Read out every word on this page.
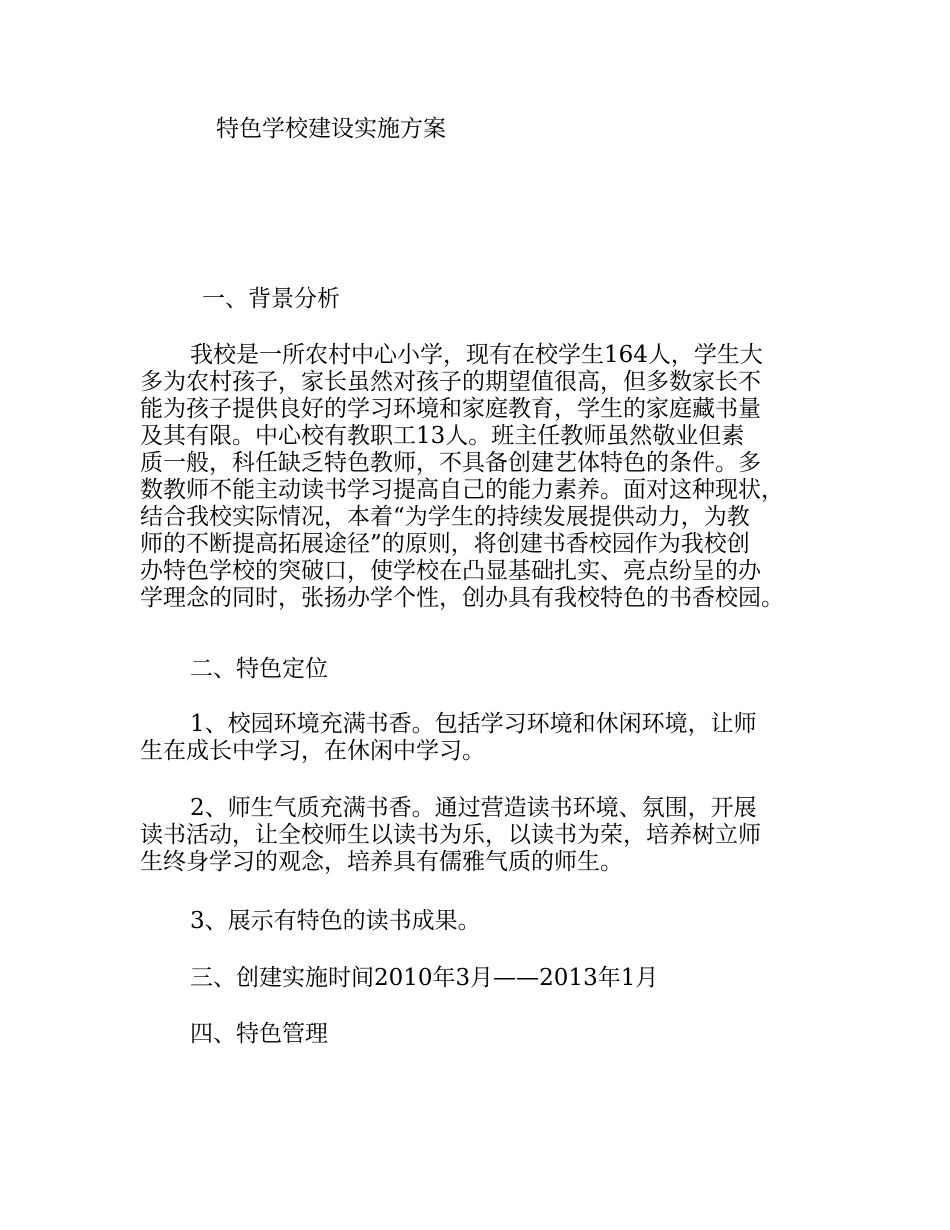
特色学校建设实施方案
一、背景分析
我校是一所农村中心小学，现有在校学生164人，学生大
多为农村孩子，家长虽然对孩子的期望值很高，但多数家长不
能为孩子提供良好的学习环境和家庭教育，学生的家庭藏书量
及其有限。中心校有教职工13人。班主任教师虽然敬业但素
质一般，科任缺乏特色教师，不具备创建艺体特色的条件。多
数教师不能主动读书学习提高自己的能力素养。面对这种现状，
结合我校实际情况，本着“为学生的持续发展提供动力，为教
师的不断提高拓展途径”的原则，将创建书香校园作为我校创
办特色学校的突破口，使学校在凸显基础扎实、亮点纷呈的办
学理念的同时，张扬办学个性，创办具有我校特色的书香校园。
二、特色定位
1、校园环境充满书香。包括学习环境和休闲环境，让师
生在成长中学习，在休闲中学习。
2、师生气质充满书香。通过营造读书环境、氛围，开展
读书活动，让全校师生以读书为乐，以读书为荣，培养树立师
生终身学习的观念，培养具有儒雅气质的师生。
3、展示有特色的读书成果。
三、创建实施时间2010年3月——2013年1月
四、特色管理
